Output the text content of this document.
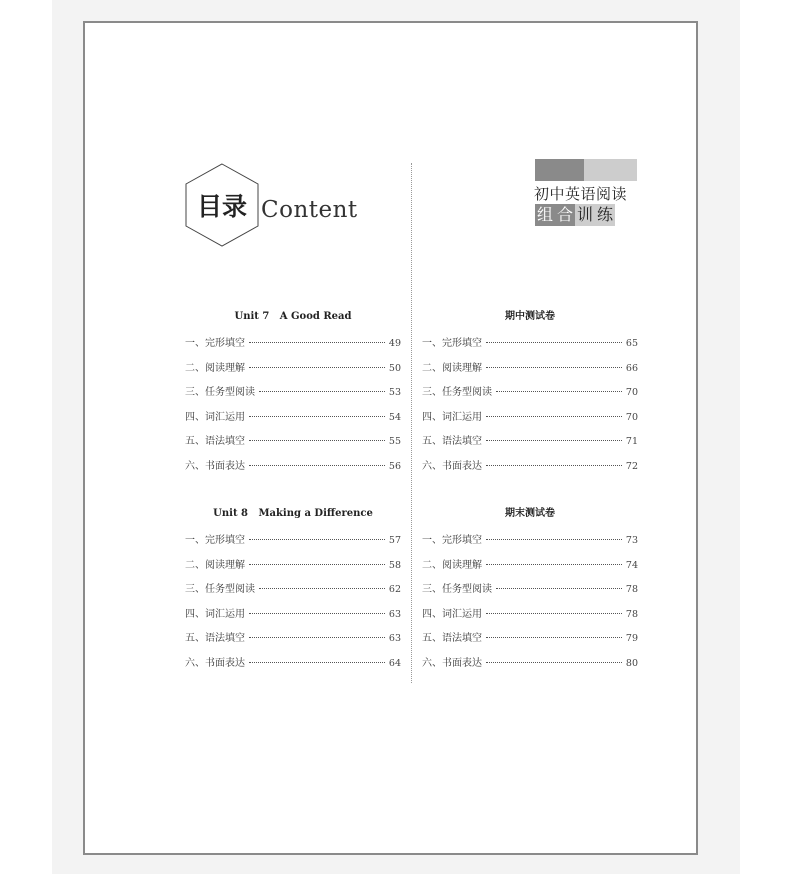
目录 Content
初中英语阅读
组 合 训 练
Unit 7   A Good Read
一、完形填空	49
二、阅读理解	50
三、任务型阅读	53
四、词汇运用	54
五、语法填空	55
六、书面表达	56
期中测试卷
一、完形填空	65
二、阅读理解	66
三、任务型阅读	70
四、词汇运用	70
五、语法填空	71
六、书面表达	72
Unit 8   Making a Difference
一、完形填空	57
二、阅读理解	58
三、任务型阅读	62
四、词汇运用	63
五、语法填空	63
六、书面表达	64
期末测试卷
一、完形填空	73
二、阅读理解	74
三、任务型阅读	78
四、词汇运用	78
五、语法填空	79
六、书面表达	80
